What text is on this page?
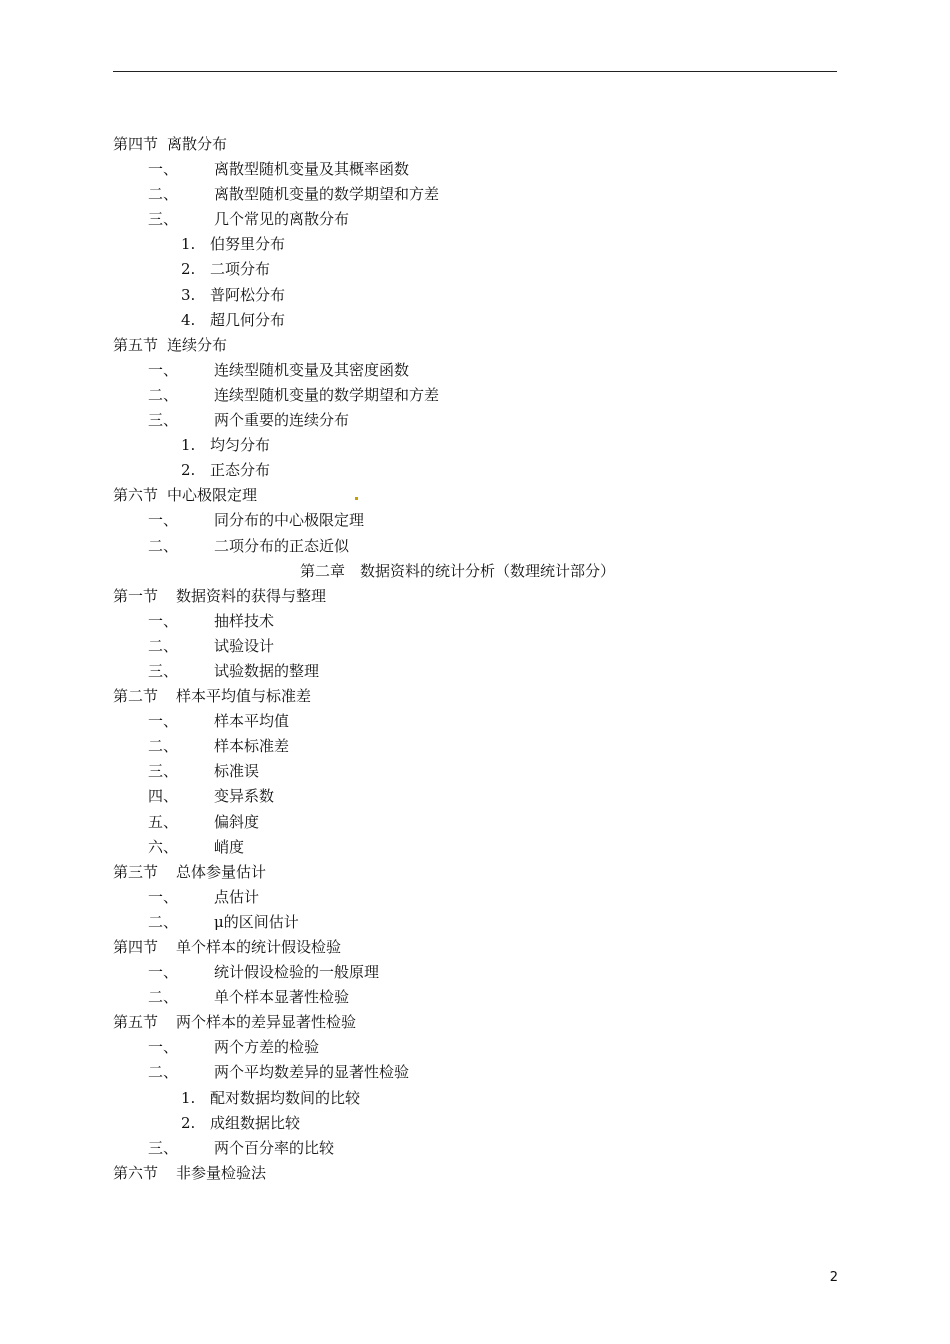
第四节 离散分布
一、 离散型随机变量及其概率函数
二、 离散型随机变量的数学期望和方差
三、 几个常见的离散分布
1. 伯努里分布
2. 二项分布
3. 普阿松分布
4. 超几何分布
第五节 连续分布
一、 连续型随机变量及其密度函数
二、 连续型随机变量的数学期望和方差
三、 两个重要的连续分布
1. 均匀分布
2. 正态分布
第六节 中心极限定理
一、 同分布的中心极限定理
二、 二项分布的正态近似
第二章　数据资料的统计分析（数理统计部分）
第一节 数据资料的获得与整理
一、 抽样技术
二、 试验设计
三、 试验数据的整理
第二节 样本平均值与标准差
一、 样本平均值
二、 样本标准差
三、 标准误
四、 变异系数
五、 偏斜度
六、 峭度
第三节 总体参量估计
一、 点估计
二、 μ的区间估计
第四节 单个样本的统计假设检验
一、 统计假设检验的一般原理
二、 单个样本显著性检验
第五节 两个样本的差异显著性检验
一、 两个方差的检验
二、 两个平均数差异的显著性检验
1. 配对数据均数间的比较
2. 成组数据比较
三、 两个百分率的比较
第六节 非参量检验法
2
